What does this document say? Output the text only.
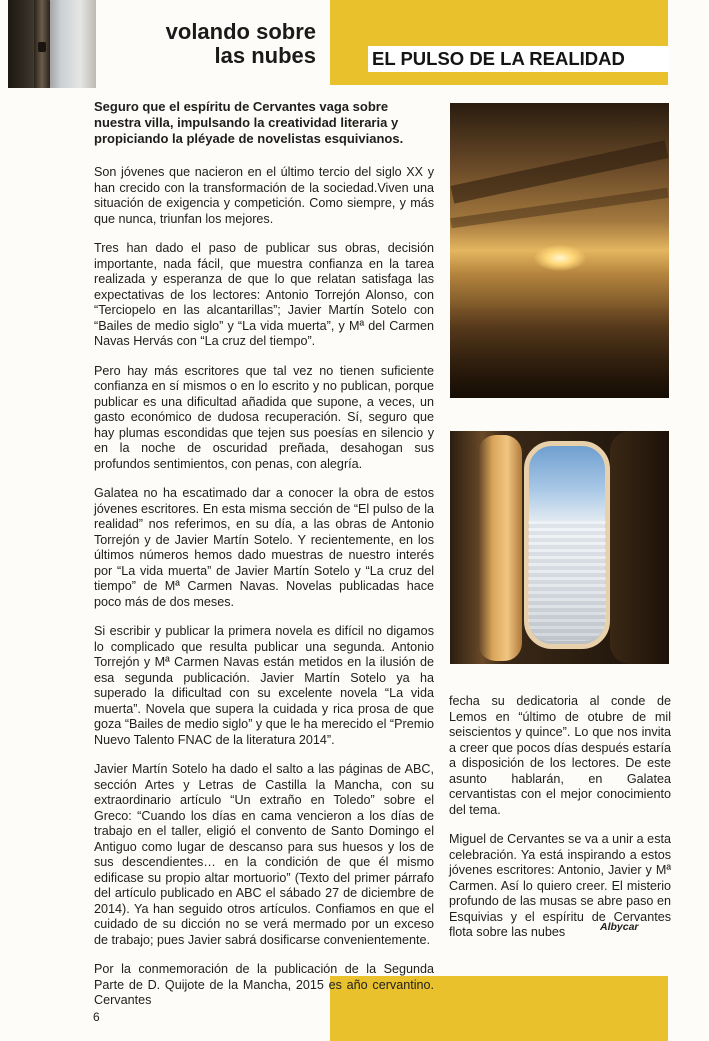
volando sobre
las nubes	EL PULSO DE LA REALIDAD

Seguro que el espíritu de Cervantes vaga sobre nuestra villa, impulsando la creatividad literaria y propiciando la pléyade de novelistas esquivianos.

Son jóvenes que nacieron en el último tercio del siglo XX y han crecido con la transformación de la sociedad.Viven una situación de exigencia y competición. Como siempre, y más que nunca, triunfan los mejores.

Tres han dado el paso de publicar sus obras, decisión importante, nada fácil, que muestra confianza en la tarea realizada y esperanza de que lo que relatan satisfaga las expectativas de los lectores: Antonio Torrejón Alonso, con “Terciopelo en las alcantarillas”; Javier Martín Sotelo con “Bailes de medio siglo” y “La vida muerta”, y Mª del Carmen Navas Hervás con “La cruz del tiempo”.

Pero hay más escritores que tal vez no tienen suficiente confianza en sí mismos o en lo escrito y no publican, porque publicar es una dificultad añadida que supone, a veces, un gasto económico de dudosa recuperación. Sí, seguro que hay plumas escondidas que tejen sus poesías en silencio y en la noche de oscuridad preñada, desahogan sus profundos sentimientos, con penas, con alegría.

Galatea no ha escatimado dar a conocer la obra de estos jóvenes escritores. En esta misma sección de “El pulso de la realidad” nos referimos, en su día, a las obras de Antonio Torrejón y de Javier Martín Sotelo. Y recientemente, en los últimos números hemos dado muestras de nuestro interés por “La vida muerta” de Javier Martín Sotelo y “La cruz del tiempo” de Mª Carmen Navas. Novelas publicadas hace poco más de dos meses.

Si escribir y publicar la primera novela es difícil no digamos lo complicado que resulta publicar una segunda. Antonio Torrejón y Mª Carmen Navas están metidos en la ilusión de esa segunda publicación. Javier Martín Sotelo ya ha superado la dificultad con su excelente novela “La vida muerta”. Novela que supera la cuidada y rica prosa de que goza “Bailes de medio siglo” y que le ha merecido el “Premio Nuevo Talento FNAC de la literatura 2014”.

Javier Martín Sotelo ha dado el salto a las páginas de ABC, sección Artes y Letras de Castilla la Mancha, con su extraordinario artículo “Un extraño en Toledo” sobre el Greco: “Cuando los días en cama vencieron a los días de trabajo en el taller, eligió el convento de Santo Domingo el Antiguo como lugar de descanso para sus huesos y los de sus descendientes… en la condición de que él mismo edificase su propio altar mortuorio” (Texto del primer párrafo del artículo publicado en ABC el sábado 27 de diciembre de 2014). Ya han seguido otros artículos. Confiamos en que el cuidado de su dicción no se verá mermado por un exceso de trabajo; pues Javier sabrá dosificarse convenientemente.

Por la conmemoración de la publicación de la Segunda Parte de D. Quijote de la Mancha, 2015 es año cervantino. Cervantes

fecha su dedicatoria al conde de Lemos en “último de otubre de mil seiscientos y quince”. Lo que nos invita a creer que pocos días después estaría a disposición de los lectores. De este asunto hablarán, en Galatea cervantistas con el mejor conocimiento del tema.

Miguel de Cervantes se va a unir a esta celebración. Ya está inspirando a estos jóvenes escritores: Antonio, Javier y Mª Carmen. Así lo quiero creer. El misterio profundo de las musas se abre paso en Esquivias y el espíritu de Cervantes flota sobre las nubes	Albycar
6
